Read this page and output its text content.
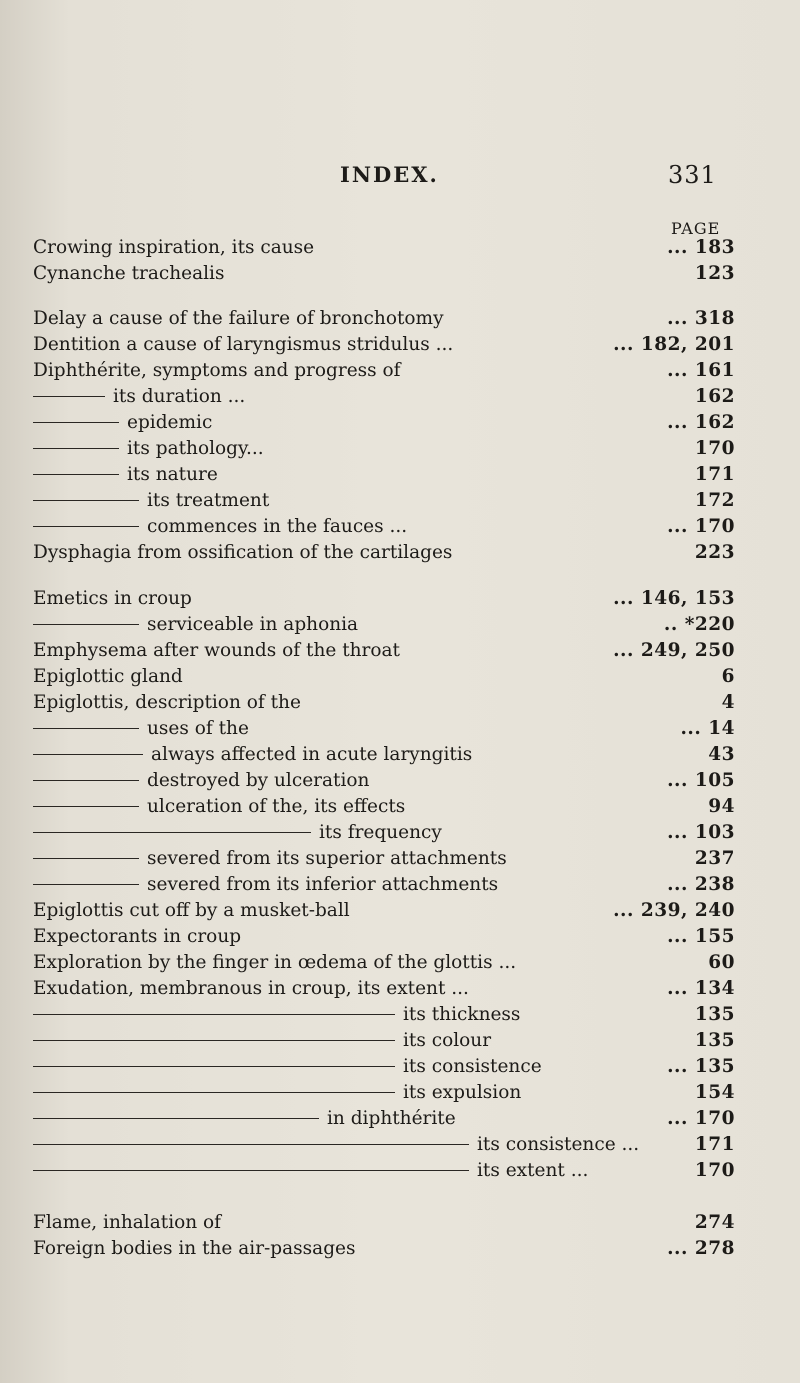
INDEX.	331
PAGE
Crowing inspiration, its cause	... 183
Cynanche trachealis	123
Delay a cause of the failure of bronchotomy	... 318
Dentition a cause of laryngismus stridulus ...	... 182, 201
Diphthérite, symptoms and progress of	... 161
its duration ...	162
epidemic	... 162
its pathology...	170
its nature	171
its treatment	172
commences in the fauces ...	... 170
Dysphagia from ossification of the cartilages	223
Emetics in croup	... 146, 153
serviceable in aphonia	.. *220
Emphysema after wounds of the throat	... 249, 250
Epiglottic gland	6
Epiglottis, description of the	4
uses of the	... 14
always affected in acute laryngitis	43
destroyed by ulceration	... 105
ulceration of the, its effects	94
its frequency	... 103
severed from its superior attachments	237
severed from its inferior attachments	... 238
Epiglottis cut off by a musket-ball	... 239, 240
Expectorants in croup	... 155
Exploration by the finger in œdema of the glottis ...	60
Exudation, membranous in croup, its extent ...	... 134
its thickness	135
its colour	135
its consistence	... 135
its expulsion	154
in diphthérite	... 170
its consistence ...	171
its extent ...	170
Flame, inhalation of	274
Foreign bodies in the air-passages	... 278
